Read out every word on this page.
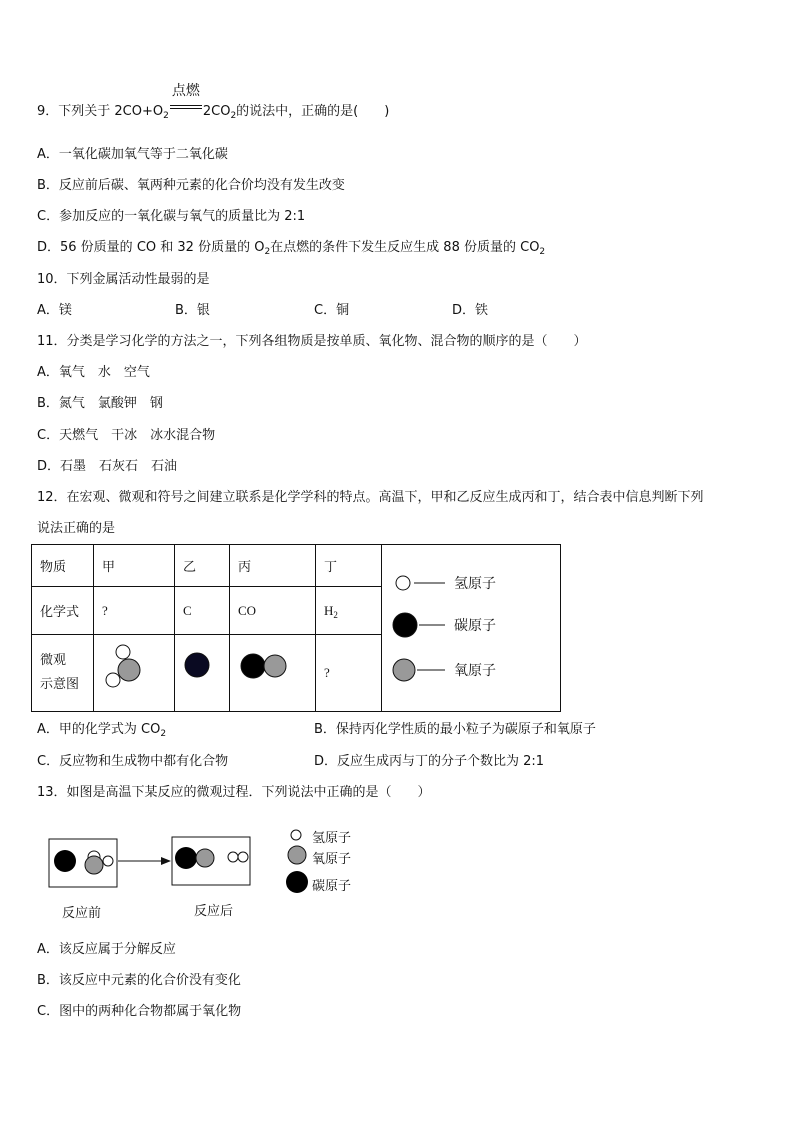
9．下列关于 $2CO+O_2$
点燃
$2CO_2$的说法中，正确的是(　　)
A．一氧化碳加氧气等于二氧化碳
B．反应前后碳、氧两种元素的化合价均没有发生改变
C．参加反应的一氧化碳与氧气的质量比为 2:1
D．56 份质量的 CO 和 32 份质量的 $O_2$在点燃的条件下发生反应生成 88 份质量的 $CO_2$
10．下列金属活动性最弱的是
A．镁	B．银	C．铜	D．铁
11．分类是学习化学的方法之一，下列各组物质是按单质、氧化物、混合物的顺序的是（　　）
A．氧气　水　空气
B．氮气　氯酸钾　钢
C．天燃气　干冰　冰水混合物
D．石墨　石灰石　石油
12．在宏观、微观和符号之间建立联系是化学学科的特点。高温下，甲和乙反应生成丙和丁，结合表中信息判断下列
说法正确的是
物质	甲	乙	丙	丁	氢原子
碳原子
氧原子

化学式	?	C	CO	$H_2$

微观
示意图				?	
A．甲的化学式为 $CO_2$	B．保持丙化学性质的最小粒子为碳原子和氧原子
C．反应物和生成物中都有化合物	D．反应生成丙与丁的分子个数比为 2:1
13．如图是高温下某反应的微观过程．下列说法中正确的是（　　）
氢原子
氧原子
碳原子
反应前	反应后
A．该反应属于分解反应
B．该反应中元素的化合价没有变化
C．图中的两种化合物都属于氧化物
